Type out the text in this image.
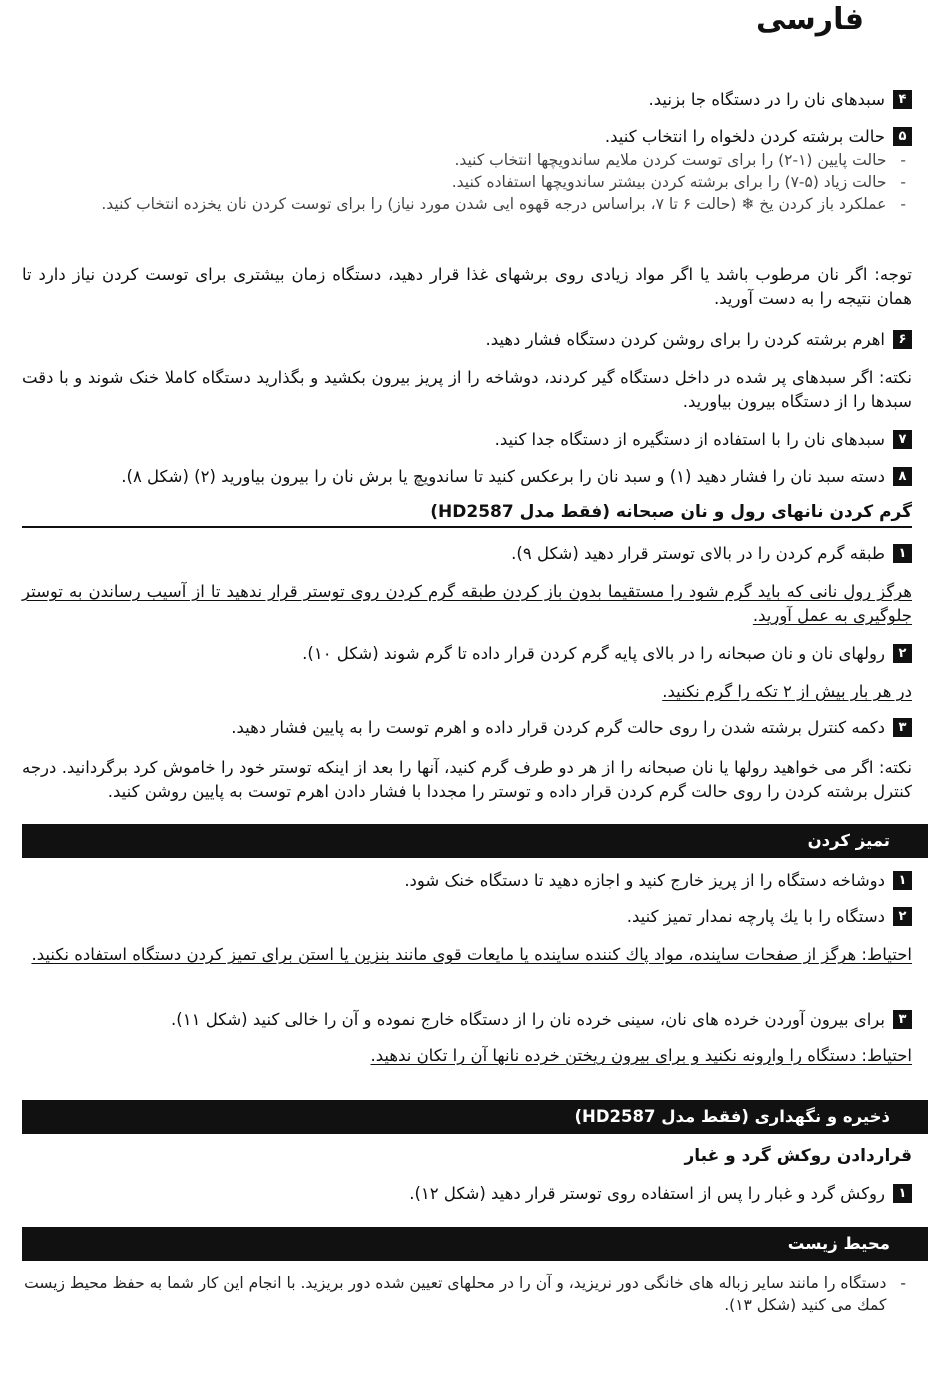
فارسی
۴
سبدهای نان را در دستگاه جا بزنید.
۵
حالت برشته کردن دلخواه را انتخاب کنید.
-
حالت پایین (۱-۲) را برای توست کردن ملایم ساندویچها انتخاب کنید.
-
حالت زیاد (۵-۷) را برای برشته کردن بیشتر ساندویچها استفاده کنید.
-
عملکرد باز کردن یخ ❄ (حالت ۶ تا ۷، براساس درجه قهوه ایی شدن مورد نیاز) را برای توست کردن نان یخزده انتخاب کنید.
توجه: اگر نان مرطوب باشد یا اگر مواد زیادی روی برشهای غذا قرار دهید، دستگاه زمان بیشتری برای توست کردن نیاز دارد تا همان نتیجه را به دست آورید.
۶
اهرم برشته کردن را برای روشن کردن دستگاه فشار دهید.
نکته: اگر سبدهای پر شده در داخل دستگاه گیر کردند، دوشاخه را از پریز بیرون بکشید و بگذارید دستگاه کاملا خنک شوند و با دقت سبدها را از دستگاه بیرون بیاورید.
۷
سبدهای نان را با استفاده از دستگیره از دستگاه جدا کنید.
۸
دسته سبد نان را فشار دهید (۱) و سبد نان را برعکس کنید تا ساندویچ یا برش نان را بیرون بیاورید (۲) (شکل ۸).
گرم کردن نانهای رول و نان صبحانه (فقط مدل HD2587)
۱
طبقه گرم کردن را در بالای توستر قرار دهید (شکل ۹).
هرگز رول نانی که باید گرم شود را مستقیما بدون باز کردن طبقه گرم کردن روی توستر قرار ندهید تا از آسیب رساندن به توستر جلوگیری به عمل آورید.
۲
رولهای نان و نان صبحانه را در بالای پایه گرم کردن قرار داده تا گرم شوند (شکل ۱۰).
در هر بار بیش از ۲ تکه را گرم نکنید.
۳
دکمه کنترل برشته شدن را روی حالت گرم کردن قرار داده و اهرم توست را به پایین فشار دهید.
نکته: اگر می خواهید رولها یا نان صبحانه را از هر دو طرف گرم کنید، آنها را بعد از اینکه توستر خود را خاموش کرد برگردانید. درجه کنترل برشته کردن را روی حالت گرم کردن قرار داده و توستر را مجددا با فشار دادن اهرم توست به پایین روشن کنید.
تمیز کردن
۱
دوشاخه دستگاه را از پریز خارج کنید و اجازه دهید تا دستگاه خنک شود.
۲
دستگاه را با یك پارچه نمدار تمیز کنید.
احتیاط: هرگز از صفحات ساینده، مواد پاك کننده ساینده یا مایعات قوی مانند بنزین یا استن برای تمیز کردن دستگاه استفاده نکنید.
۳
برای بیرون آوردن خرده های نان، سینی خرده نان را از دستگاه خارج نموده و آن را خالی کنید (شکل ۱۱).
احتیاط: دستگاه را وارونه نکنید و برای بیرون ریختن خرده نانها آن را تکان ندهید.
ذخیره و نگهداری (فقط مدل HD2587)
قراردادن روکش گرد و غبار
۱
روکش گرد و غبار را پس از استفاده روی توستر قرار دهید (شکل ۱۲).
محیط زیست
-
دستگاه را مانند سایر زباله های خانگی دور نریزید، و آن را در محلهای تعیین شده دور بریزید. با انجام این کار شما به حفظ محیط زیست کمك می کنید (شکل ۱۳).
